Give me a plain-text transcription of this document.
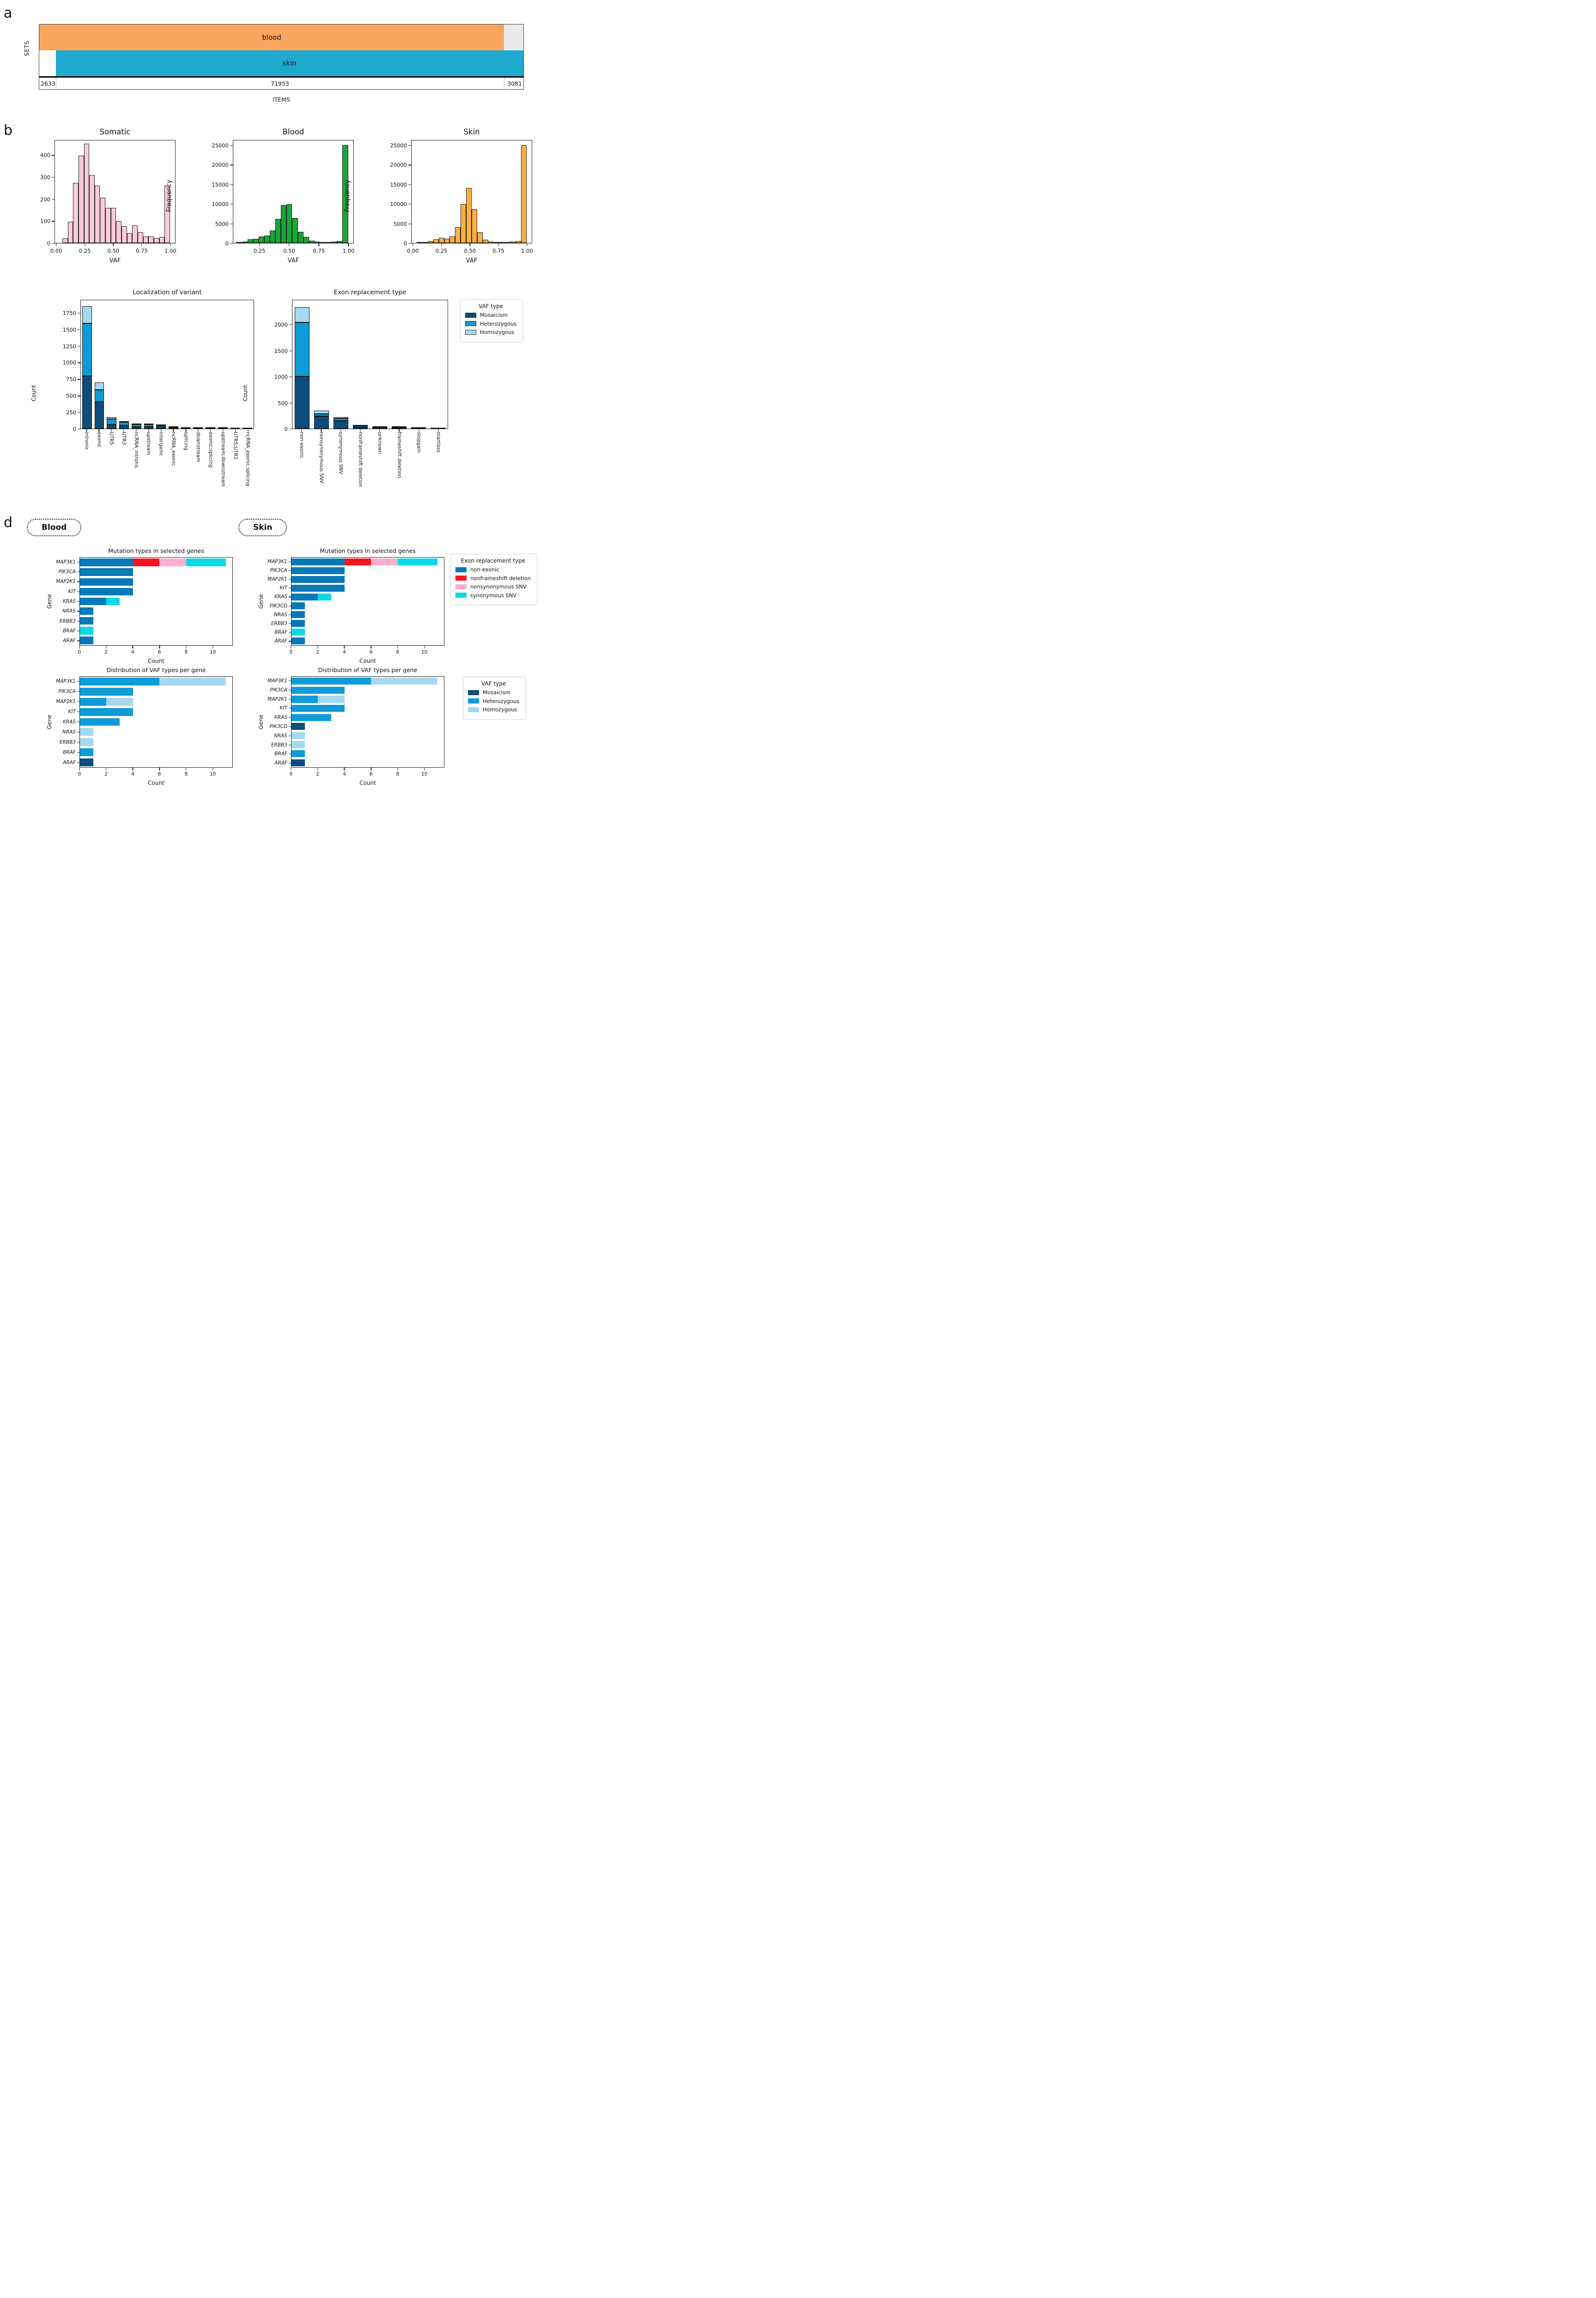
a
SETS
blood
skin
2633	71953	3081
ITEMS
b	Somatic
0
100
200
300
400
0.00	0.25	0.50	0.75	1.00
VAF
Frequency
Blood
0
5000
10000
15000
20000
25000
0.25	0.50	0.75	1.00
VAF
Frequency
Skin
0
5000
10000
15000
20000
25000
0.00	0.25	0.50	0.75	1.00
VAF
Count
Localization of variant
0
250
500
750
1000
1250
1500
1750
intronic exonic UTR5 UTR3 ncRNA_intronic upstream intergenic ncRNA_exonic splicing downstream exonic;splicing upstream;downstream UTR5;UTR3 ncRNA_exonic;splicing
Count
Exon replacement type
0
500
1000
1500
2000
non-exonic	nonsynonymous SNV	synonymous SNV	nonframeshift deletion	unknown	frameshift deletion	stopgain	startloss
VAF type
Mosaicism
Heterozygous
Homozygous
d	Blood	Skin
Mutation types in selected genes
Gene
MAP3K1
PIK3CA
MAP2K1
KIT
KRAS
NRAS
ERBB3
BRAF
ARAF
0	2	4	6	8	10
Count
Mutation types in selected genes
Gene
MAP3K1
PIK3CA
MAP2K1
KIT
KRAS
PIK3CD
NRAS
ERBB3
BRAF
ARAF
0	2	4	6	8	10
Count
Exon replacement type
non-exonic
nonframeshift deletion
nonsynonymous SNV
synonymous SNV
Distribution of VAF types per gene
Gene
MAP3K1
PIK3CA
MAP2K1
KIT
KRAS
NRAS
ERBB3
BRAF
ARAF
0	2	4	6	8	10
Count
Distribution of VAF types per gene
Gene
MAP3K1
PIK3CA
MAP2K1
KIT
KRAS
PIK3CD
NRAS
ERBB3
BRAF
ARAF
0	2	4	6	8	10
Count
VAF type
Mosaicism
Heterozygous
Homozygous
